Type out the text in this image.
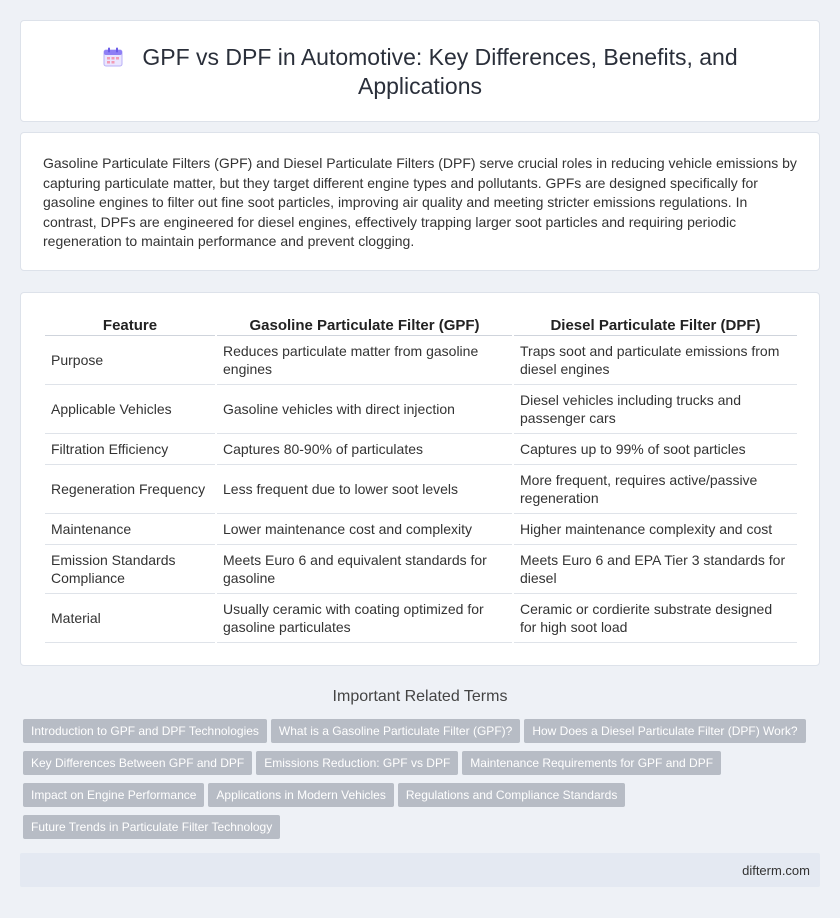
GPF vs DPF in Automotive: Key Differences, Benefits, and Applications

Gasoline Particulate Filters (GPF) and Diesel Particulate Filters (DPF) serve crucial roles in reducing vehicle emissions by capturing particulate matter, but they target different engine types and pollutants. GPFs are designed specifically for gasoline engines to filter out fine soot particles, improving air quality and meeting stricter emissions regulations. In contrast, DPFs are engineered for diesel engines, effectively trapping larger soot particles and requiring periodic regeneration to maintain performance and prevent clogging.

Feature	Gasoline Particulate Filter (GPF)	Diesel Particulate Filter (DPF)
Purpose	Reduces particulate matter from gasoline engines	Traps soot and particulate emissions from diesel engines
Applicable Vehicles	Gasoline vehicles with direct injection	Diesel vehicles including trucks and passenger cars
Filtration Efficiency	Captures 80-90% of particulates	Captures up to 99% of soot particles
Regeneration Frequency	Less frequent due to lower soot levels	More frequent, requires active/passive regeneration
Maintenance	Lower maintenance cost and complexity	Higher maintenance complexity and cost
Emission Standards Compliance	Meets Euro 6 and equivalent standards for gasoline	Meets Euro 6 and EPA Tier 3 standards for diesel
Material	Usually ceramic with coating optimized for gasoline particulates	Ceramic or cordierite substrate designed for high soot load
Important Related Terms
Introduction to GPF and DPF Technologies What is a Gasoline Particulate Filter (GPF)? How Does a Diesel Particulate Filter (DPF) Work?
Key Differences Between GPF and DPF Emissions Reduction: GPF vs DPF Maintenance Requirements for GPF and DPF
Impact on Engine Performance Applications in Modern Vehicles Regulations and Compliance Standards
Future Trends in Particulate Filter Technology
difterm.com
